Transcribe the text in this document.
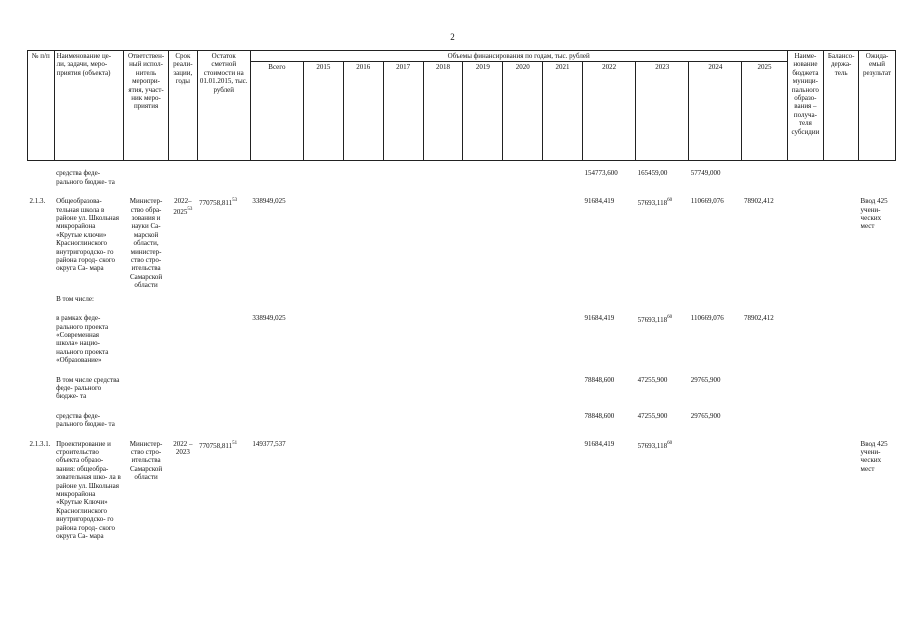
2
№ п/п	Наименование це- ли, задачи, меро- приятия (объекта)	Ответствен- ный испол- нитель меропри- ятия, участ- ник меро- приятия	Срок реали- зации, годы	Остаток сметной стоимости на 01.01.2015, тыс. рублей	Объемы финансирования по годам, тыс. рублей												Наиме- нование бюджета муници- пального образо- вания – получа- теля субсидии	Балансо- держа- тель	Ожида- емый результат
					Всего	2015	2016	2017	2018	2019	2020	2021	2022	2023	2024	2025			
	средства феде- рального бюдже- та												154773,600	165459,00	57749,000				
2.1.3.	Общеобразова- тельная школа в районе ул. Школьная микрорайона «Крутые ключи» Красноглинского внутригородско- го района город- ского округа Са- мара	Министер- ство обра- зования и науки Са- марской области, министер- ство стро- ительства Самарской области	2022– 2025$^{53}$	770758,811$^{53}$	338949,025								91684,419	57693,118$^{60}$	110669,076	78902,412			Ввод 425 учени- ческих мест
	В том числе:																		
	в рамках феде- рального проекта «Современная школа» нацио- нального проекта «Образование»				338949,025								91684,419	57693,118$^{60}$	110669,076	78902,412			
	В том числе средства феде- рального бюдже- та												78848,600	47255,900	29765,900				
	средства феде- рального бюдже- та												78848,600	47255,900	29765,900				
2.1.3.1.	Проектирование и строительство объекта образо- вания: общеобра- зовательная шко- ла в районе ул. Школьная микрорайона «Крутые Ключи» Красноглинского внутригородско- го района город- ского округа Са- мара	Министер- ство стро- ительства Самарской области	2022 – 2023	770758,811$^{51}$	149377,537								91684,419	57693,118$^{60}$					Ввод 425 учени- ческих мест
